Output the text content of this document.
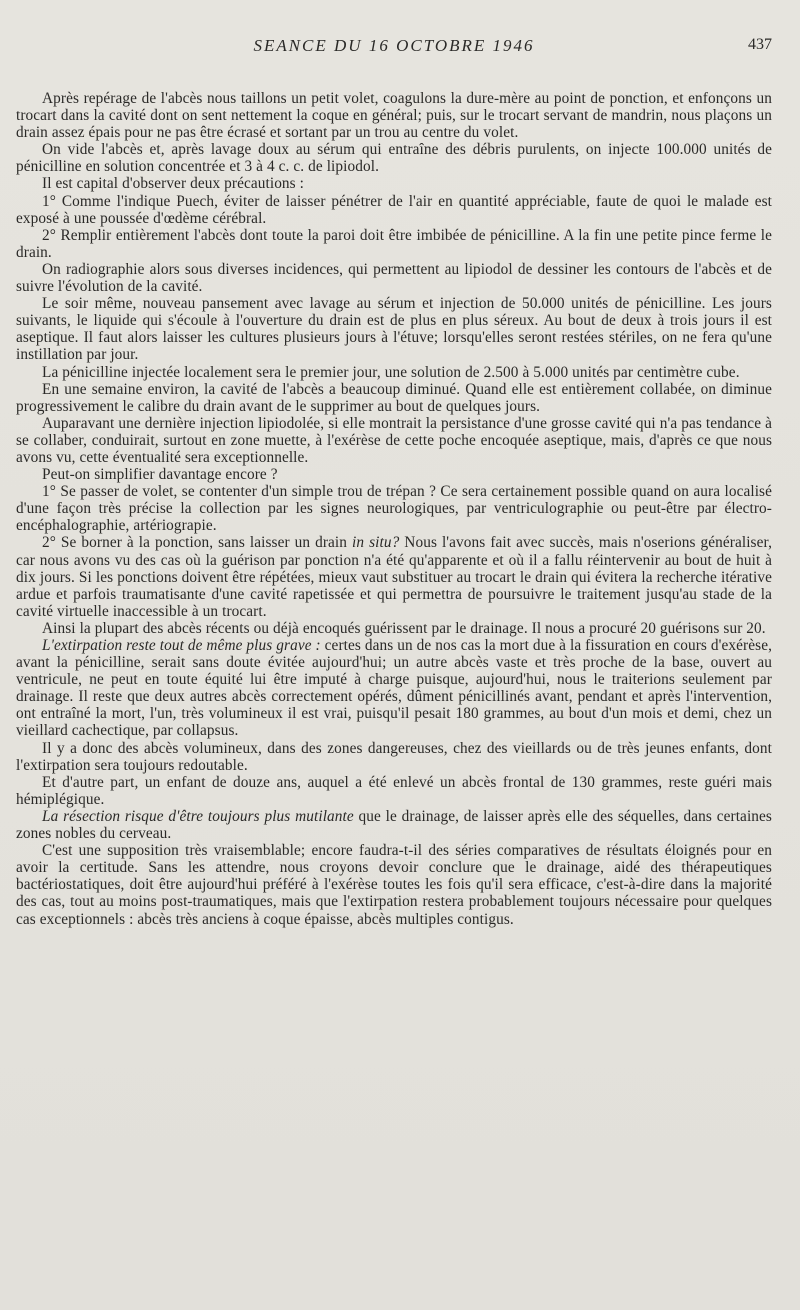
SEANCE DU 16 OCTOBRE 1946	437

Après repérage de l'abcès nous taillons un petit volet, coagulons la dure-mère au point de ponction, et enfonçons un trocart dans la cavité dont on sent nettement la coque en général; puis, sur le trocart servant de mandrin, nous plaçons un drain assez épais pour ne pas être écrasé et sortant par un trou au centre du volet.

On vide l'abcès et, après lavage doux au sérum qui entraîne des débris purulents, on injecte 100.000 unités de pénicilline en solution concentrée et 3 à 4 c. c. de lipiodol.

Il est capital d'observer deux précautions :

1° Comme l'indique Puech, éviter de laisser pénétrer de l'air en quantité appréciable, faute de quoi le malade est exposé à une poussée d'œdème cérébral.

2° Remplir entièrement l'abcès dont toute la paroi doit être imbibée de pénicilline. A la fin une petite pince ferme le drain.

On radiographie alors sous diverses incidences, qui permettent au lipiodol de dessiner les contours de l'abcès et de suivre l'évolution de la cavité.

Le soir même, nouveau pansement avec lavage au sérum et injection de 50.000 unités de pénicilline. Les jours suivants, le liquide qui s'écoule à l'ouverture du drain est de plus en plus séreux. Au bout de deux à trois jours il est aseptique. Il faut alors laisser les cultures plusieurs jours à l'étuve; lorsqu'elles seront restées stériles, on ne fera qu'une instillation par jour.

La pénicilline injectée localement sera le premier jour, une solution de 2.500 à 5.000 unités par centimètre cube.

En une semaine environ, la cavité de l'abcès a beaucoup diminué. Quand elle est entièrement collabée, on diminue progressivement le calibre du drain avant de le supprimer au bout de quelques jours.

Auparavant une dernière injection lipiodolée, si elle montrait la persistance d'une grosse cavité qui n'a pas tendance à se collaber, conduirait, surtout en zone muette, à l'exérèse de cette poche encoquée aseptique, mais, d'après ce que nous avons vu, cette éventualité sera exceptionnelle.

Peut-on simplifier davantage encore ?

1° Se passer de volet, se contenter d'un simple trou de trépan ? Ce sera certainement possible quand on aura localisé d'une façon très précise la collection par les signes neurologiques, par ventriculographie ou peut-être par électro-encéphalographie, artériograpie.

2° Se borner à la ponction, sans laisser un drain in situ? Nous l'avons fait avec succès, mais n'oserions généraliser, car nous avons vu des cas où la guérison par ponction n'a été qu'apparente et où il a fallu réintervenir au bout de huit à dix jours. Si les ponctions doivent être répétées, mieux vaut substituer au trocart le drain qui évitera la recherche itérative ardue et parfois traumatisante d'une cavité rapetissée et qui permettra de poursuivre le traitement jusqu'au stade de la cavité virtuelle inaccessible à un trocart.

Ainsi la plupart des abcès récents ou déjà encoqués guérissent par le drainage. Il nous a procuré 20 guérisons sur 20.

L'extirpation reste tout de même plus grave : certes dans un de nos cas la mort due à la fissuration en cours d'exérèse, avant la pénicilline, serait sans doute évitée aujourd'hui; un autre abcès vaste et très proche de la base, ouvert au ventricule, ne peut en toute équité lui être imputé à charge puisque, aujourd'hui, nous le traiterions seulement par drainage. Il reste que deux autres abcès correctement opérés, dûment pénicillinés avant, pendant et après l'intervention, ont entraîné la mort, l'un, très volumineux il est vrai, puisqu'il pesait 180 grammes, au bout d'un mois et demi, chez un vieillard cachectique, par collapsus.

Il y a donc des abcès volumineux, dans des zones dangereuses, chez des vieillards ou de très jeunes enfants, dont l'extirpation sera toujours redoutable.

Et d'autre part, un enfant de douze ans, auquel a été enlevé un abcès frontal de 130 grammes, reste guéri mais hémiplégique.

La résection risque d'être toujours plus mutilante que le drainage, de laisser après elle des séquelles, dans certaines zones nobles du cerveau.

C'est une supposition très vraisemblable; encore faudra-t-il des séries comparatives de résultats éloignés pour en avoir la certitude. Sans les attendre, nous croyons devoir conclure que le drainage, aidé des thérapeutiques bactériostatiques, doit être aujourd'hui préféré à l'exérèse toutes les fois qu'il sera efficace, c'est-à-dire dans la majorité des cas, tout au moins post-traumatiques, mais que l'extirpation restera probablement toujours nécessaire pour quelques cas exceptionnels : abcès très anciens à coque épaisse, abcès multiples contigus.
